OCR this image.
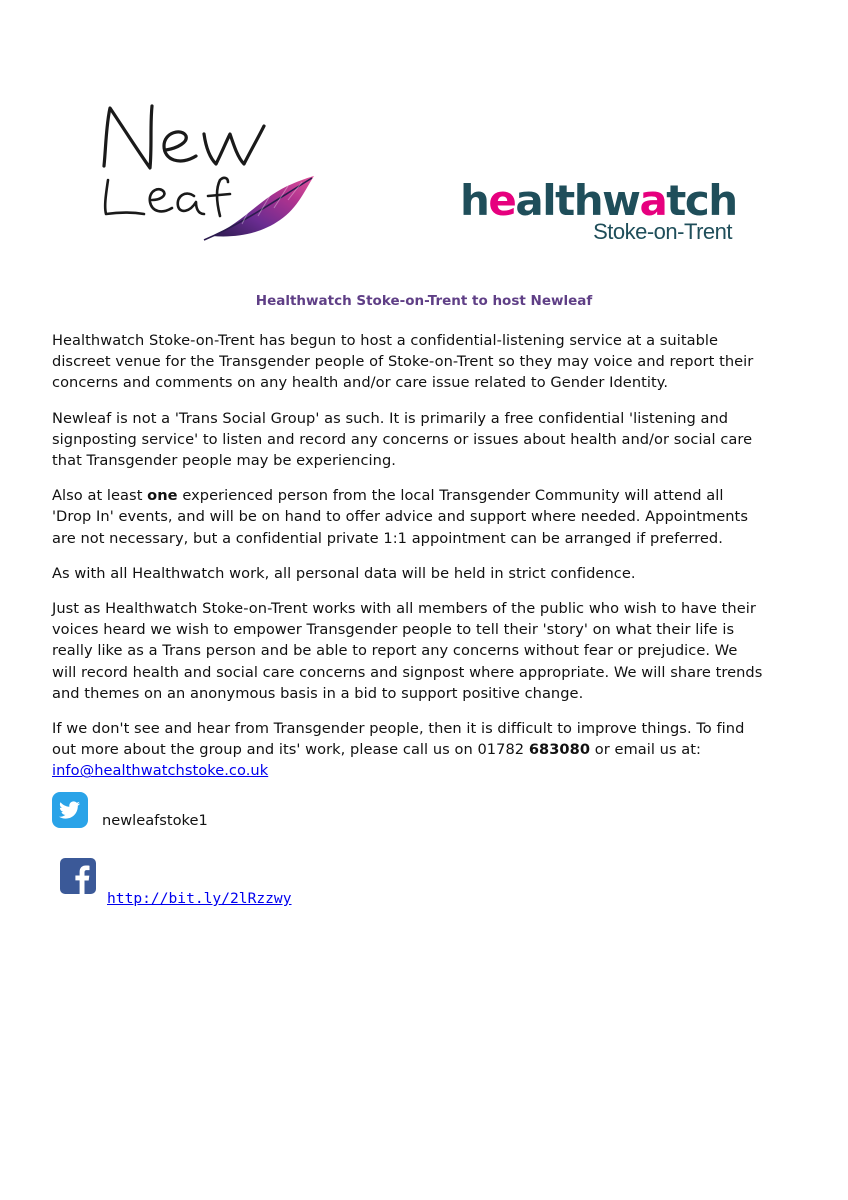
healthwatch
Stoke-on-Trent
Healthwatch Stoke-on-Trent to host Newleaf

Healthwatch Stoke-on-Trent has begun to host a confidential-listening service at a suitable discreet venue for the Transgender people of Stoke-on-Trent so they may voice and report their concerns and comments on any health and/or care issue related to Gender Identity.

Newleaf is not a 'Trans Social Group' as such. It is primarily a free confidential 'listening and signposting service' to listen and record any concerns or issues about health and/or social care that Transgender people may be experiencing.

Also at least one experienced person from the local Transgender Community will attend all 'Drop In' events, and will be on hand to offer advice and support where needed. Appointments are not necessary, but a confidential private 1:1 appointment can be arranged if preferred.

As with all Healthwatch work, all personal data will be held in strict confidence.

Just as Healthwatch Stoke-on-Trent works with all members of the public who wish to have their voices heard we wish to empower Transgender people to tell their 'story' on what their life is really like as a Trans person and be able to report any concerns without fear or prejudice. We will record health and social care concerns and signpost where appropriate. We will share trends and themes on an anonymous basis in a bid to support positive change.

If we don't see and hear from Transgender people, then it is difficult to improve things. To find out more about the group and its' work, please call us on 01782 683080 or email us at:
info@healthwatchstoke.co.uk

newleafstoke1
http://bit.ly/2lRzzwy
